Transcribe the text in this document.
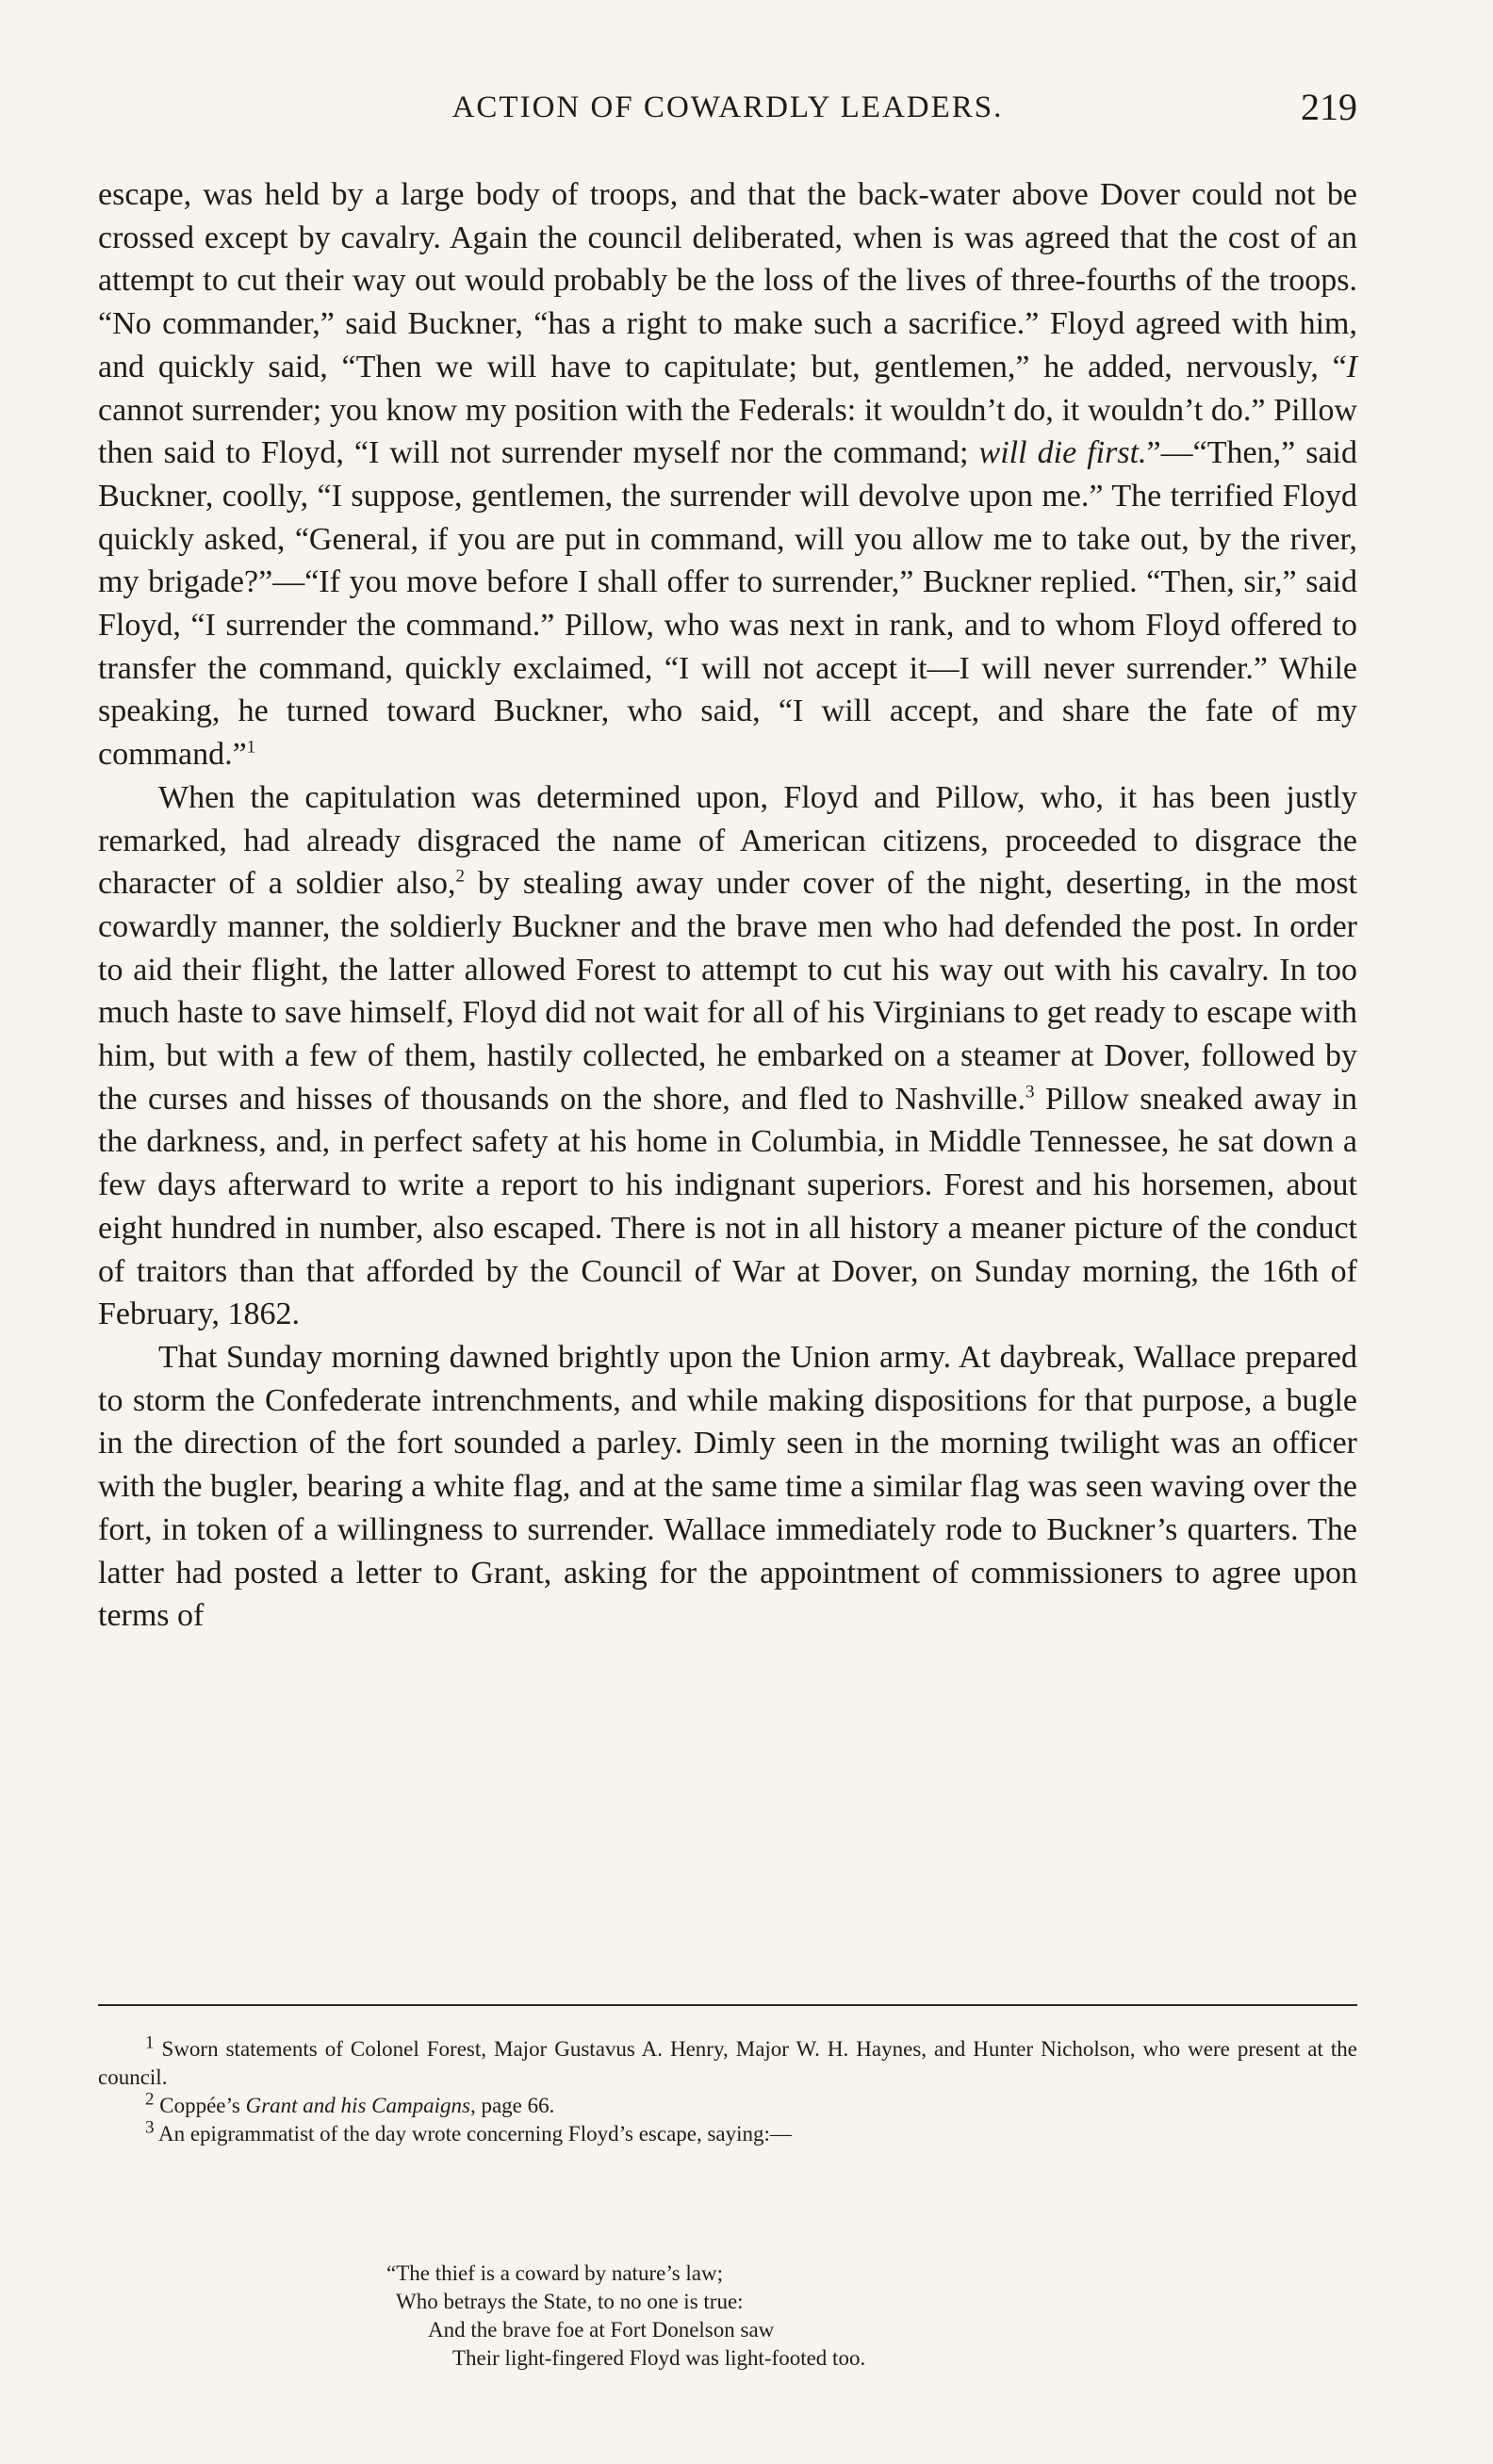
ACTION OF COWARDLY LEADERS.	219

escape, was held by a large body of troops, and that the back-water above Dover could not be crossed except by cavalry. Again the council deliberated, when is was agreed that the cost of an attempt to cut their way out would probably be the loss of the lives of three-fourths of the troops. “No commander,” said Buckner, “has a right to make such a sacrifice.” Floyd agreed with him, and quickly said, “Then we will have to capitulate; but, gentlemen,” he added, nervously, “I cannot surrender; you know my position with the Federals: it wouldn’t do, it wouldn’t do.” Pillow then said to Floyd, “I will not surrender myself nor the command; will die first.”—“Then,” said Buckner, coolly, “I suppose, gentlemen, the surrender will devolve upon me.” The terrified Floyd quickly asked, “General, if you are put in command, will you allow me to take out, by the river, my brigade?”—“If you move before I shall offer to surrender,” Buckner replied. “Then, sir,” said Floyd, “I surrender the command.” Pillow, who was next in rank, and to whom Floyd offered to transfer the command, quickly exclaimed, “I will not accept it—I will never surrender.” While speaking, he turned toward Buckner, who said, “I will accept, and share the fate of my command.”$^1$

When the capitulation was determined upon, Floyd and Pillow, who, it has been justly remarked, had already disgraced the name of American citizens, proceeded to disgrace the character of a soldier also,$^2$ by stealing away under cover of the night, deserting, in the most cowardly manner, the soldierly Buckner and the brave men who had defended the post. In order to aid their flight, the latter allowed Forest to attempt to cut his way out with his cavalry. In too much haste to save himself, Floyd did not wait for all of his Virginians to get ready to escape with him, but with a few of them, hastily collected, he embarked on a steamer at Dover, followed by the curses and hisses of thousands on the shore, and fled to Nashville.$^3$ Pillow sneaked away in the darkness, and, in perfect safety at his home in Columbia, in Middle Tennessee, he sat down a few days afterward to write a report to his indignant superiors. Forest and his horsemen, about eight hundred in number, also escaped. There is not in all history a meaner picture of the conduct of traitors than that afforded by the Council of War at Dover, on Sunday morning, the 16th of February, 1862.

That Sunday morning dawned brightly upon the Union army. At daybreak, Wallace prepared to storm the Confederate intrenchments, and while making dispositions for that purpose, a bugle in the direction of the fort sounded a parley. Dimly seen in the morning twilight was an officer with the bugler, bearing a white flag, and at the same time a similar flag was seen waving over the fort, in token of a willingness to surrender. Wallace immediately rode to Buckner’s quarters. The latter had posted a letter to Grant, asking for the appointment of commissioners to agree upon terms of

$^1$ Sworn statements of Colonel Forest, Major Gustavus A. Henry, Major W. H. Haynes, and Hunter Nicholson, who were present at the council.

$^2$ Coppée’s Grant and his Campaigns, page 66.

$^3$ An epigrammatist of the day wrote concerning Floyd’s escape, saying:—

“The thief is a coward by nature’s law;
Who betrays the State, to no one is true:
And the brave foe at Fort Donelson saw
Their light-fingered Floyd was light-footed too.
